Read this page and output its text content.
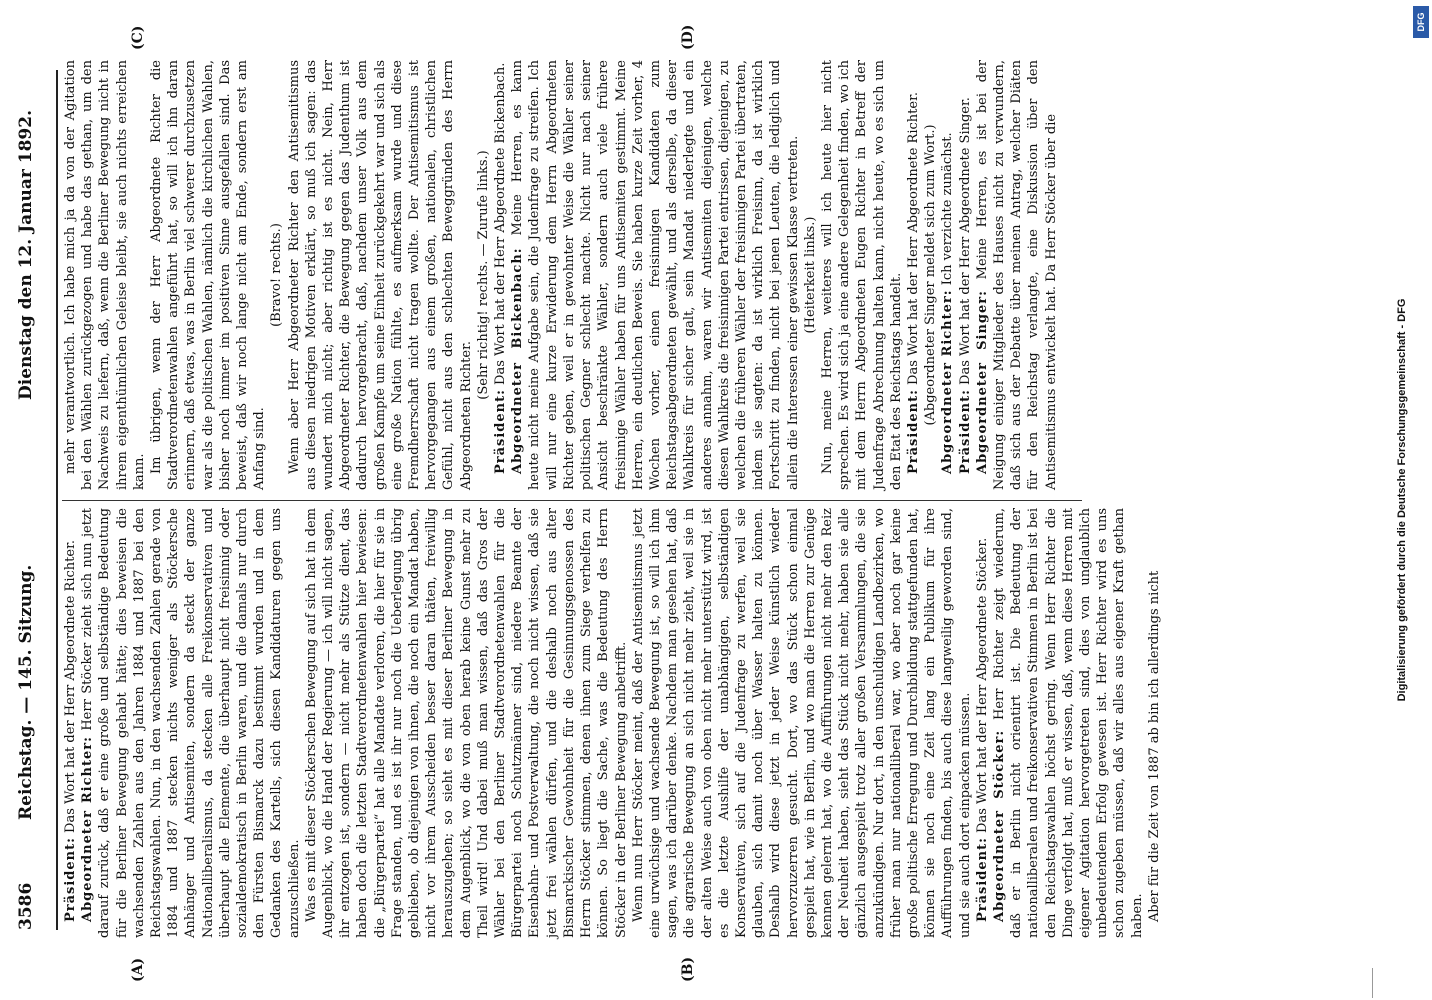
3586
Reichstag. — 145. Sitzung.
Dienstag den 12. Januar 1892.
(A)	(B)
(C)	(D)

Präsident: Das Wort hat der Herr Abgeordnete Richter. Abgeordneter Richter: Herr Stöcker zieht sich nun jetzt darauf zurück, daß er eine große und selbständige Bedeutung für die Berliner Bewegung gehabt hätte; dies beweisen die wachsenden Zahlen aus den Jahren 1884 und 1887 bei den Reichstagswahlen. Nun, in den wachsenden Zahlen gerade von 1884 und 1887 stecken nichts weniger als Stöckersche Anhänger und Antisemiten, sondern da steckt der ganze Nationalliberalismus, da stecken alle Freikonservativen und überhaupt alle Elemente, die überhaupt nicht freisinnig oder sozialdemokratisch in Berlin waren, und die damals nur durch den Fürsten Bismarck dazu bestimmt wurden und in dem Gedanken des Kartells, sich diesen Kandidaturen gegen uns anzuschließen. Was es mit dieser Stöckerschen Bewegung auf sich hat in dem Augenblick, wo die Hand der Regierung — ich will nicht sagen, ihr entzogen ist, sondern — nicht mehr als Stütze dient, das haben doch die letzten Stadtverordnetenwahlen hier bewiesen: die „Bürgerpartei“ hat alle Mandate verloren, die hier für sie in Frage standen, und es ist ihr nur noch die Ueberlegung übrig geblieben, ob diejenigen von ihnen, die noch ein Mandat haben, nicht vor ihrem Ausscheiden besser daran thäten, freiwillig herauszugehen; so sieht es mit dieser Berliner Bewegung in dem Augenblick, wo die von oben herab keine Gunst mehr zu Theil wird! Und dabei muß man wissen, daß das Gros der Wähler bei den Berliner Stadtverordnetenwahlen für die Bürgerpartei noch Schutzmänner sind, niedere Beamte der Eisenbahn- und Postverwaltung, die noch nicht wissen, daß sie jetzt frei wählen dürfen, und die deshalb noch aus alter Bismarckischer Gewohnheit für die Gesinnungsgenossen des Herrn Stöcker stimmen, denen ihnen zum Siege verhelfen zu können. So liegt die Sache, was die Bedeutung des Herrn Stöcker in der Berliner Bewegung anbetrifft. Wenn nun Herr Stöcker meint, daß der Antisemitismus jetzt eine urwüchsige und wachsende Bewegung ist, so will ich ihm sagen, was ich darüber denke. Nachdem man gesehen hat, daß die agrarische Bewegung an sich nicht mehr zieht, weil sie in der alten Weise auch von oben nicht mehr unterstützt wird, ist es die letzte Aushilfe der unabhängigen, selbständigen Konservativen, sich auf die Judenfrage zu werfen, weil sie glauben, sich damit noch über Wasser halten zu können. Deshalb wird diese jetzt in jeder Weise künstlich wieder hervorzuzerren gesucht. Dort, wo das Stück schon einmal gespielt hat, wie in Berlin, und wo man die Herren zur Genüge kennen gelernt hat, wo die Aufführungen nicht mehr den Reiz der Neuheit haben, sieht das Stück nicht mehr, haben sie alle gänzlich ausgespielt trotz aller großen Versammlungen, die sie anzukündigen. Nur dort, in den unschuldigen Landbezirken, wo früher man nur nationalliberal war, wo aber noch gar keine große politische Erregung und Durchbildung stattgefunden hat, können sie noch eine Zeit lang ein Publikum für ihre Aufführungen finden, bis auch diese langweilig geworden sind, und sie auch dort einpacken müssen. Präsident: Das Wort hat der Herr Abgeordnete Stöcker. Abgeordneter Stöcker: Herr Richter zeigt wiederum, daß er in Berlin nicht orientirt ist. Die Bedeutung der nationalliberalen und freikonservativen Stimmen in Berlin ist bei den Reichstagswahlen höchst gering. Wenn Herr Richter die Dinge verfolgt hat, muß er wissen, daß, wenn diese Herren mit eigener Agitation hervorgetreten sind, dies von unglaublich unbedeutendem Erfolg gewesen ist. Herr Richter wird es uns schon zugeben müssen, daß wir alles aus eigener Kraft gethan haben. Aber für die Zeit von 1887 ab bin ich allerdings nicht

mehr verantwortlich. Ich habe mich ja da von der Agitation bei den Wählen zurückgezogen und habe das gethan, um den Nachweis zu liefern, daß, wenn die Berliner Bewegung nicht in ihrem eigenthümlichen Geleise bleibt, sie auch nichts erreichen kann. Im übrigen, wenn der Herr Abgeordnete Richter die Stadtverordnetenwahlen angeführt hat, so will ich ihn daran erinnern, daß etwas, was in Berlin viel schwerer durchzusetzen war als die politischen Wahlen, nämlich die kirchlichen Wahlen, bisher noch immer im positiven Sinne ausgefallen sind. Das beweist, daß wir noch lange nicht am Ende, sondern erst am Anfang sind.

(Bravo! rechts.) Wenn aber Herr Abgeordneter Richter den Antisemitismus aus diesen niedrigen Motiven erklärt, so muß ich sagen: das wundert mich nicht; aber richtig ist es nicht. Nein, Herr Abgeordneter Richter, die Bewegung gegen das Judenthum ist dadurch hervorgebracht, daß, nachdem unser Volk aus dem großen Kampfe um seine Einheit zurückgekehrt war und sich als eine große Nation fühlte, es aufmerksam wurde und diese Fremdherrschaft nicht tragen wollte. Der Antisemitismus ist hervorgegangen aus einem großen, nationalen, christlichen Gefühl, nicht aus den schlechten Beweggründen des Herrn Abgeordneten Richter.

(Sehr richtig! rechts. — Zurufe links.)

Präsident: Das Wort hat der Herr Abgeordnete Bickenbach. Abgeordneter Bickenbach: Meine Herren, es kann heute nicht meine Aufgabe sein, die Judenfrage zu streifen. Ich will nur eine kurze Erwiderung dem Herrn Abgeordneten Richter geben, weil er in gewohnter Weise die Wähler seiner politischen Gegner schlecht machte. Nicht nur nach seiner Ansicht beschränkte Wähler, sondern auch viele frühere freisinnige Wähler haben für uns Antisemiten gestimmt. Meine Herren, ein deutlichen Beweis. Sie haben kurze Zeit vorher, 4 Wochen vorher, einen freisinnigen Kandidaten zum Reichstagsabgeordneten gewählt, und als derselbe, da dieser Wahlkreis für sicher galt, sein Mandat niederlegte und ein anderes annahm, waren wir Antisemiten diejenigen, welche diesen Wahlkreis die freisinnigen Partei entrissen, diejenigen, zu welchen die früheren Wähler der freisinnigen Partei übertraten, indem sie sagten: da ist wirklich Freisinn, da ist wirklich Fortschritt zu finden, nicht bei jenen Leuten, die lediglich und allein die Interessen einer gewissen Klasse vertreten. (Heiterkeit links.) Nun, meine Herren, weiteres will ich heute hier nicht sprechen. Es wird sich ja eine andere Gelegenheit finden, wo ich mit dem Herrn Abgeordneten Eugen Richter in Betreff der Judenfrage Abrechnung halten kann, nicht heute, wo es sich um den Etat des Reichstags handelt. Präsident: Das Wort hat der Herr Abgeordnete Richter. (Abgeordneter Singer meldet sich zum Wort.) Abgeordneter Richter: Ich verzichte zunächst.

Präsident: Das Wort hat der Herr Abgeordnete Singer. Abgeordneter Singer: Meine Herren, es ist bei der Neigung einiger Mitglieder des Hauses nicht zu verwundern, daß sich aus der Debatte über meinen Antrag, welcher Diäten für den Reichstag verlangte, eine Diskussion über den Antisemitismus entwickelt hat. Da Herr Stöcker über die	Digitalisierung gefördert durch die Deutsche Forschungsgemeinschaft - DFG
DFG
